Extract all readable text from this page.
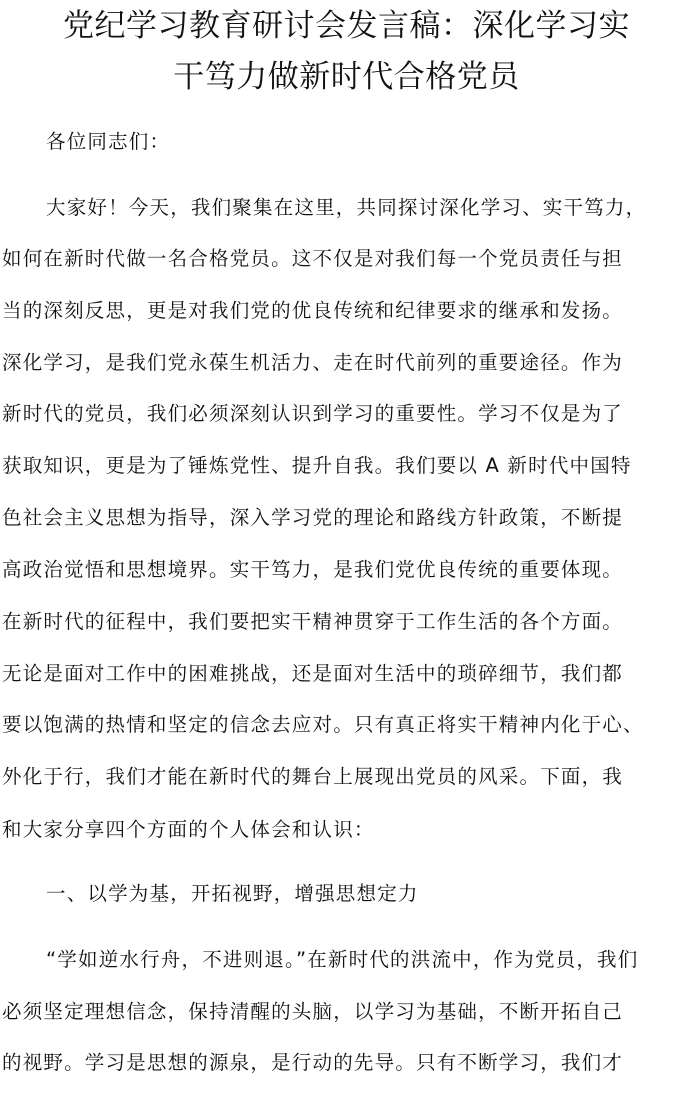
党纪学习教育研讨会发言稿：深化学习实
干笃力做新时代合格党员
各位同志们：
大家好！今天，我们聚集在这里，共同探讨深化学习、实干笃力，
如何在新时代做一名合格党员。这不仅是对我们每一个党员责任与担
当的深刻反思，更是对我们党的优良传统和纪律要求的继承和发扬。
深化学习，是我们党永葆生机活力、走在时代前列的重要途径。作为
新时代的党员，我们必须深刻认识到学习的重要性。学习不仅是为了
获取知识，更是为了锤炼党性、提升自我。我们要以 A 新时代中国特
色社会主义思想为指导，深入学习党的理论和路线方针政策，不断提
高政治觉悟和思想境界。实干笃力，是我们党优良传统的重要体现。
在新时代的征程中，我们要把实干精神贯穿于工作生活的各个方面。
无论是面对工作中的困难挑战，还是面对生活中的琐碎细节，我们都
要以饱满的热情和坚定的信念去应对。只有真正将实干精神内化于心、
外化于行，我们才能在新时代的舞台上展现出党员的风采。下面，我
和大家分享四个方面的个人体会和认识：
一、以学为基，开拓视野，增强思想定力
“学如逆水行舟，不进则退。”在新时代的洪流中，作为党员，我们
必须坚定理想信念，保持清醒的头脑，以学习为基础，不断开拓自己
的视野。学习是思想的源泉，是行动的先导。只有不断学习，我们才
